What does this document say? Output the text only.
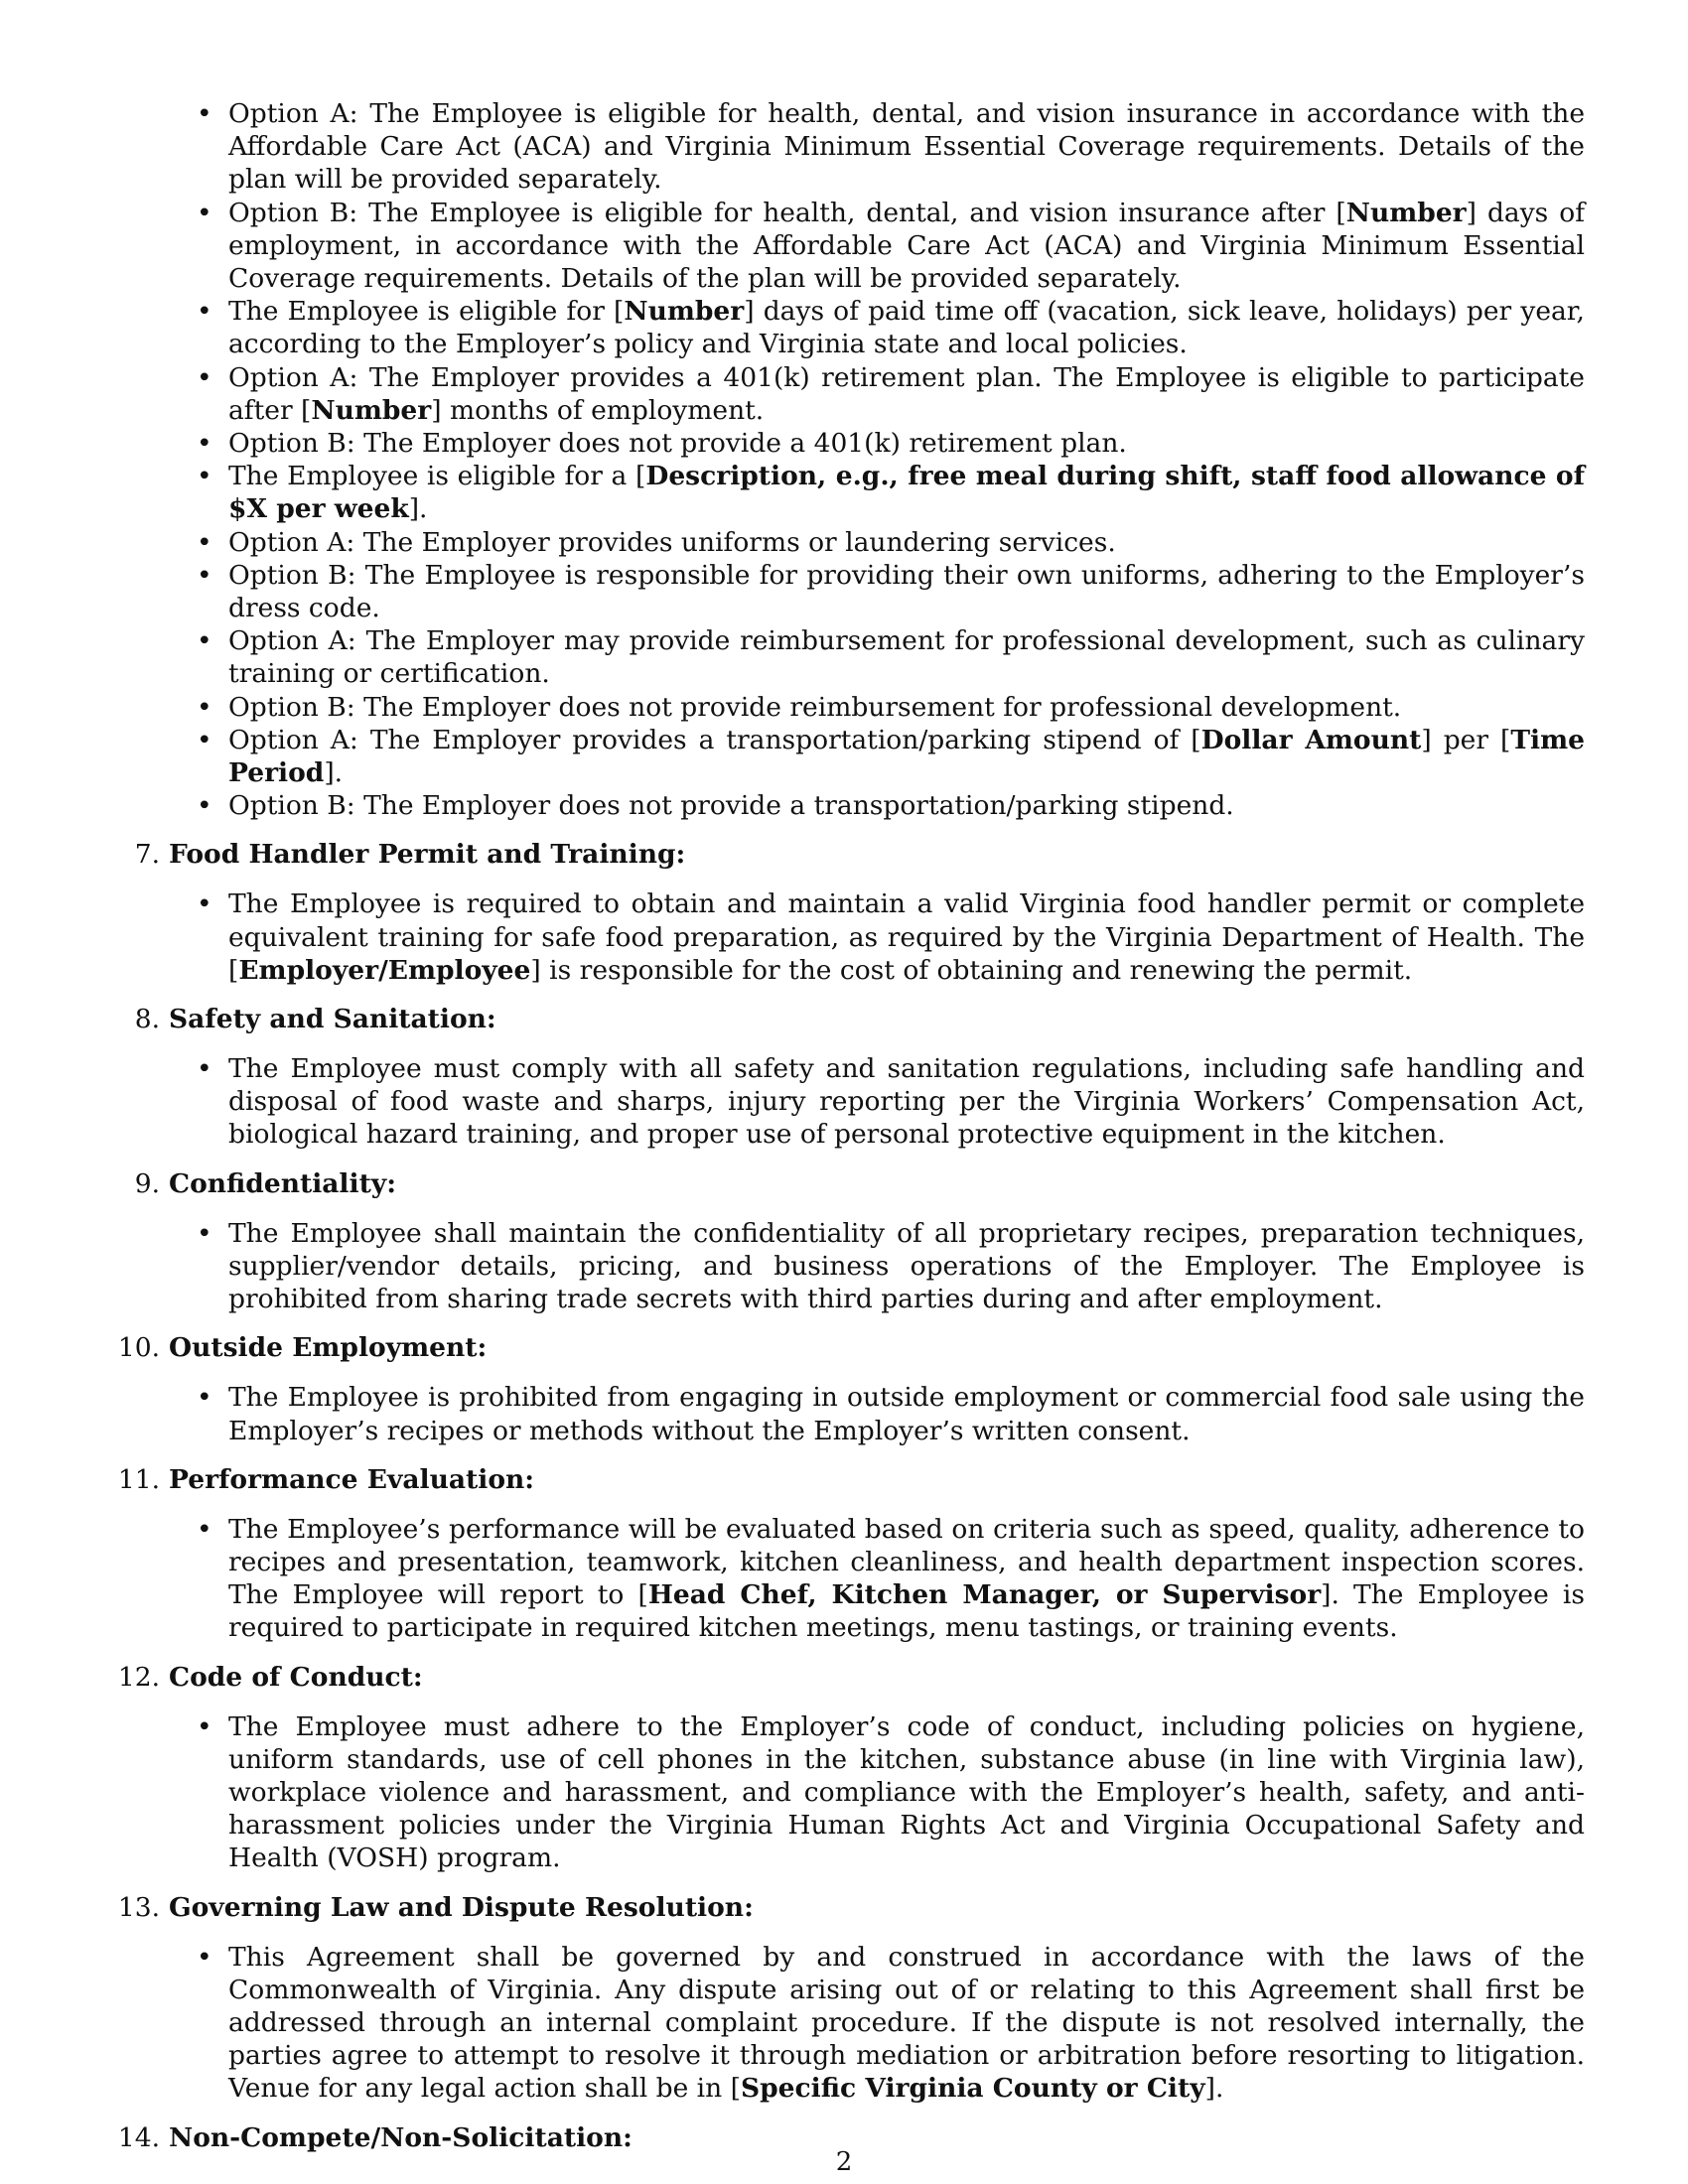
• Option A: The Employee is eligible for health, dental, and vision insurance in accordance with the Affordable Care Act (ACA) and Virginia Minimum Essential Coverage requirements. Details of the plan will be provided separately.
• Option B: The Employee is eligible for health, dental, and vision insurance after [Number] days of employment, in accordance with the Affordable Care Act (ACA) and Virginia Minimum Essential Coverage requirements. Details of the plan will be provided separately.
• The Employee is eligible for [Number] days of paid time off (vacation, sick leave, holidays) per year, according to the Employer’s policy and Virginia state and local policies.
• Option A: The Employer provides a 401(k) retirement plan. The Employee is eligible to participate after [Number] months of employment.
• Option B: The Employer does not provide a 401(k) retirement plan.
• The Employee is eligible for a [Description, e.g., free meal during shift, staff food allowance of $X per week].
• Option A: The Employer provides uniforms or laundering services.
• Option B: The Employee is responsible for providing their own uniforms, adhering to the Employer’s dress code.
• Option A: The Employer may provide reimbursement for professional development, such as culinary training or certification.
• Option B: The Employer does not provide reimbursement for professional development.
• Option A: The Employer provides a transportation/parking stipend of [Dollar Amount] per [Time Period].
• Option B: The Employer does not provide a transportation/parking stipend.
7. Food Handler Permit and Training:
• The Employee is required to obtain and maintain a valid Virginia food handler permit or complete equivalent training for safe food preparation, as required by the Virginia Department of Health. The [Employer/Employee] is responsible for the cost of obtaining and renewing the permit.
8. Safety and Sanitation:
• The Employee must comply with all safety and sanitation regulations, including safe handling and disposal of food waste and sharps, injury reporting per the Virginia Workers’ Compensation Act, biological hazard training, and proper use of personal protective equipment in the kitchen.
9. Confidentiality:
• The Employee shall maintain the confidentiality of all proprietary recipes, preparation techniques, supplier/vendor details, pricing, and business operations of the Employer. The Employee is prohibited from sharing trade secrets with third parties during and after employment.
10. Outside Employment:
• The Employee is prohibited from engaging in outside employment or commercial food sale using the Employer’s recipes or methods without the Employer’s written consent.
11. Performance Evaluation:
• The Employee’s performance will be evaluated based on criteria such as speed, quality, adherence to recipes and presentation, teamwork, kitchen cleanliness, and health department inspection scores. The Employee will report to [Head Chef, Kitchen Manager, or Supervisor]. The Employee is required to participate in required kitchen meetings, menu tastings, or training events.
12. Code of Conduct:
• The Employee must adhere to the Employer’s code of conduct, including policies on hygiene, uniform standards, use of cell phones in the kitchen, substance abuse (in line with Virginia law), workplace violence and harassment, and compliance with the Employer’s health, safety, and anti-harassment policies under the Virginia Human Rights Act and Virginia Occupational Safety and Health (VOSH) program.
13. Governing Law and Dispute Resolution:
• This Agreement shall be governed by and construed in accordance with the laws of the Commonwealth of Virginia. Any dispute arising out of or relating to this Agreement shall first be addressed through an internal complaint procedure. If the dispute is not resolved internally, the parties agree to attempt to resolve it through mediation or arbitration before resorting to litigation. Venue for any legal action shall be in [Specific Virginia County or City].
14. Non-Compete/Non-Solicitation:
2
